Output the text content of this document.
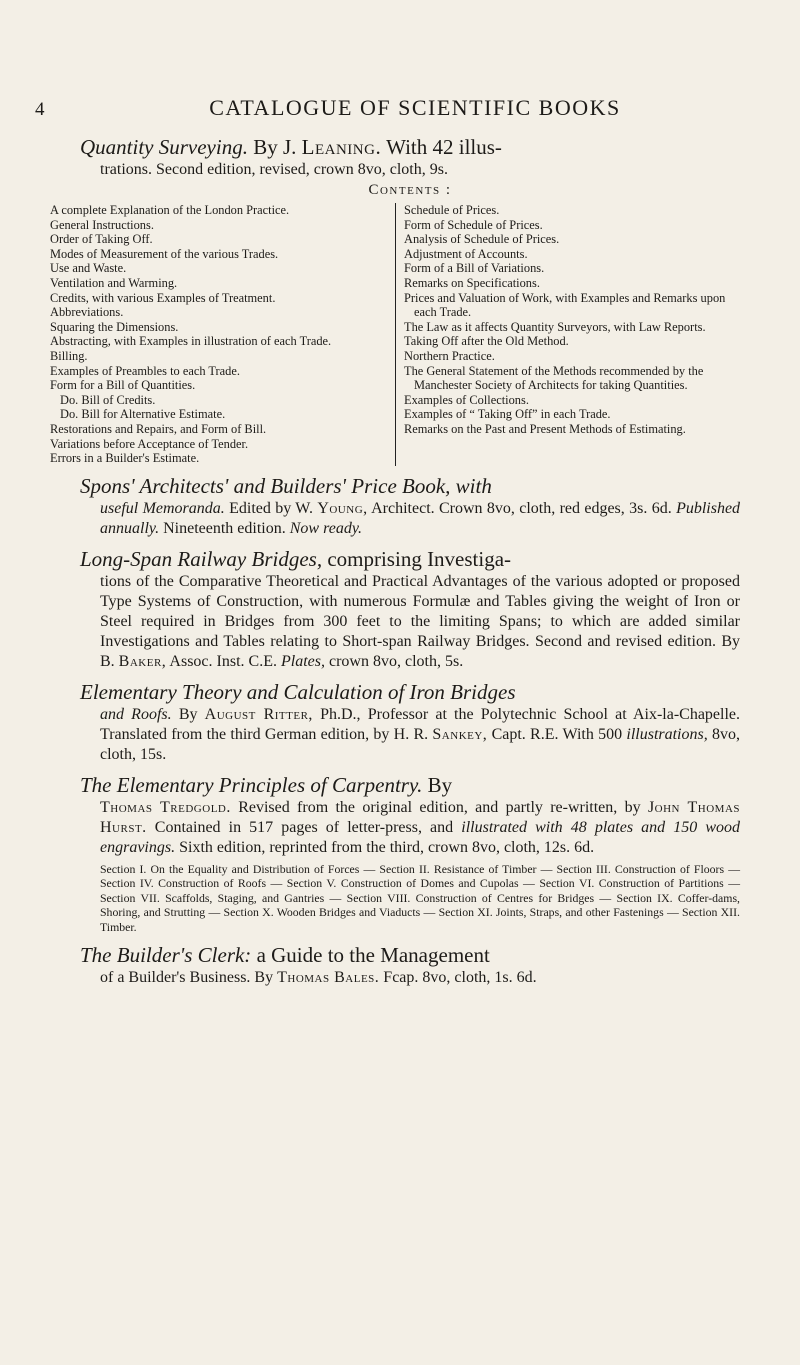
4	CATALOGUE OF SCIENTIFIC BOOKS
Quantity Surveying. By J. Leaning. With 42 illus-
trations. Second edition, revised, crown 8vo, cloth, 9s.
Contents :
A complete Explanation of the London Practice.
General Instructions.
Order of Taking Off.
Modes of Measurement of the various Trades.
Use and Waste.
Ventilation and Warming.
Credits, with various Examples of Treatment.
Abbreviations.
Squaring the Dimensions.
Abstracting, with Examples in illustration of each Trade.
Billing.
Examples of Preambles to each Trade.
Form for a Bill of Quantities.
Do. Bill of Credits.
Do. Bill for Alternative Estimate.
Restorations and Repairs, and Form of Bill.
Variations before Acceptance of Tender.
Errors in a Builder's Estimate.
Schedule of Prices.
Form of Schedule of Prices.
Analysis of Schedule of Prices.
Adjustment of Accounts.
Form of a Bill of Variations.
Remarks on Specifications.
Prices and Valuation of Work, with Examples and Remarks upon each Trade.
The Law as it affects Quantity Surveyors, with Law Reports.
Taking Off after the Old Method.
Northern Practice.
The General Statement of the Methods recommended by the Manchester Society of Architects for taking Quantities.
Examples of Collections.
Examples of “ Taking Off” in each Trade.
Remarks on the Past and Present Methods of Estimating.
Spons' Architects' and Builders' Price Book, with
useful Memoranda. Edited by W. Young, Architect. Crown 8vo, cloth, red edges, 3s. 6d. Published annually. Nineteenth edition. Now ready.
Long-Span Railway Bridges, comprising Investiga-
tions of the Comparative Theoretical and Practical Advantages of the various adopted or proposed Type Systems of Construction, with numerous Formulæ and Tables giving the weight of Iron or Steel required in Bridges from 300 feet to the limiting Spans; to which are added similar Investigations and Tables relating to Short-span Railway Bridges. Second and revised edition. By B. Baker, Assoc. Inst. C.E. Plates, crown 8vo, cloth, 5s.
Elementary Theory and Calculation of Iron Bridges
and Roofs. By August Ritter, Ph.D., Professor at the Polytechnic School at Aix-la-Chapelle. Translated from the third German edition, by H. R. Sankey, Capt. R.E. With 500 illustrations, 8vo, cloth, 15s.
The Elementary Principles of Carpentry. By
Thomas Tredgold. Revised from the original edition, and partly re-written, by John Thomas Hurst. Contained in 517 pages of letter-press, and illustrated with 48 plates and 150 wood engravings. Sixth edition, reprinted from the third, crown 8vo, cloth, 12s. 6d.
Section I. On the Equality and Distribution of Forces — Section II. Resistance of Timber — Section III. Construction of Floors — Section IV. Construction of Roofs — Section V. Construction of Domes and Cupolas — Section VI. Construction of Partitions — Section VII. Scaffolds, Staging, and Gantries — Section VIII. Construction of Centres for Bridges — Section IX. Coffer-dams, Shoring, and Strutting — Section X. Wooden Bridges and Viaducts — Section XI. Joints, Straps, and other Fastenings — Section XII. Timber.
The Builder's Clerk: a Guide to the Management
of a Builder's Business. By Thomas Bales. Fcap. 8vo, cloth, 1s. 6d.
